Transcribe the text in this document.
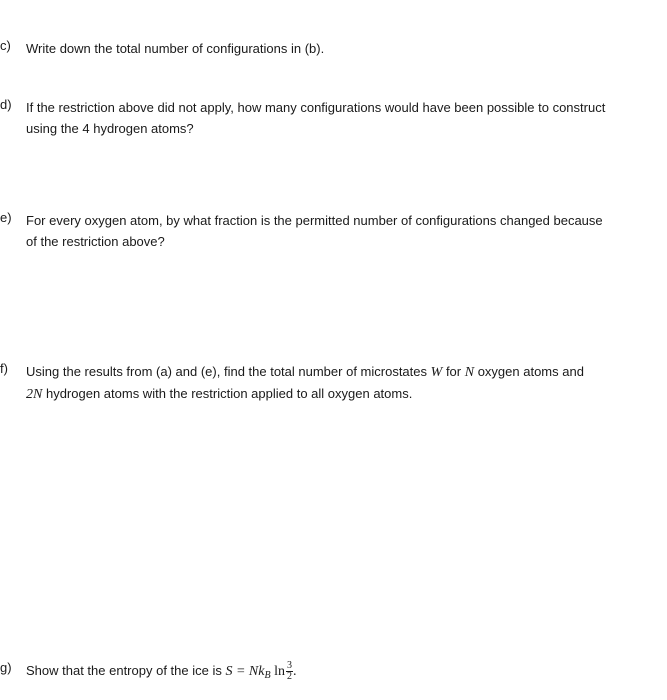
c)	Write down the total number of configurations in (b).
d)	If the restriction above did not apply, how many configurations would have been possible to construct
using the 4 hydrogen atoms?
e)	For every oxygen atom, by what fraction is the permitted number of configurations changed because
of the restriction above?
f)	Using the results from (a) and (e), find the total number of microstates W for N oxygen atoms and
2N hydrogen atoms with the restriction applied to all oxygen atoms.
g)	Show that the entropy of the ice is $S = Nk_B$ $\ln \frac{3}{2}$ .
